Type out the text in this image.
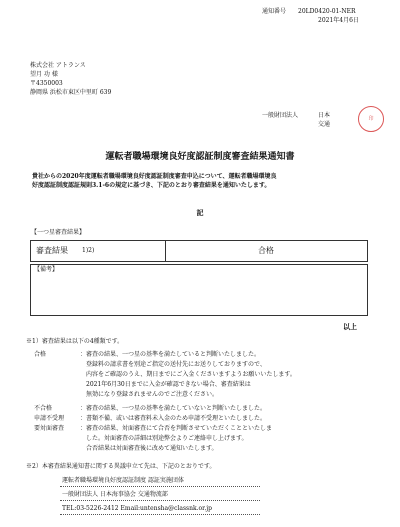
通知番号 20LD0420-01-NER
2021年4月6日
株式会社 アトランス
望月 功 様
〒4350003
静岡県 浜松市東区中里町 639
一般財団法人	日本
交通
印
運転者職場環境良好度認証制度審査結果通知書
貴社からの2020年度運転者職場環境良好度認証制度審査申込について、運転者職場環境良
好度認証制度認証規則3.1-6の規定に基づき、下記のとおり審査結果を通知いたします。
記
【一つ星審査結果】
審査結果 1)2)	合格
【備考】
以上
※1）審査結果は以下の4種類です。
合格	：審査の結果、一つ星の基準を満たしていると判断いたしました。
登録料の請求書を別途ご指定の送付先にお送りしておりますので、
内容をご確認のうえ、期日までにご入金くださいますようお願いいたします。
2021年6月30日までに入金が確認できない場合、審査結果は
無効になり登録されませんのでご注意ください。
不合格	：審査の結果、一つ星の基準を満たしていないと判断いたしました。
申請不受理	：書類不備、或いは審査料未入金のため申請不受理といたしました。
要対面審査	：審査の結果、対面審査にて合否を判断させていただくことといたしま
した。対面審査の詳細は別途弊会よりご連絡申し上げます。
合否結果は対面審査後に改めて通知いたします。
※2）本審査結果通知書に関する異議申立て先は、下記のとおりです。
運転者職場環境良好度認証制度 認証実施団体
一般財団法人 日本海事協会 交通物流部
TEL:03-5226-2412 Email:untensha@classnk.or.jp
